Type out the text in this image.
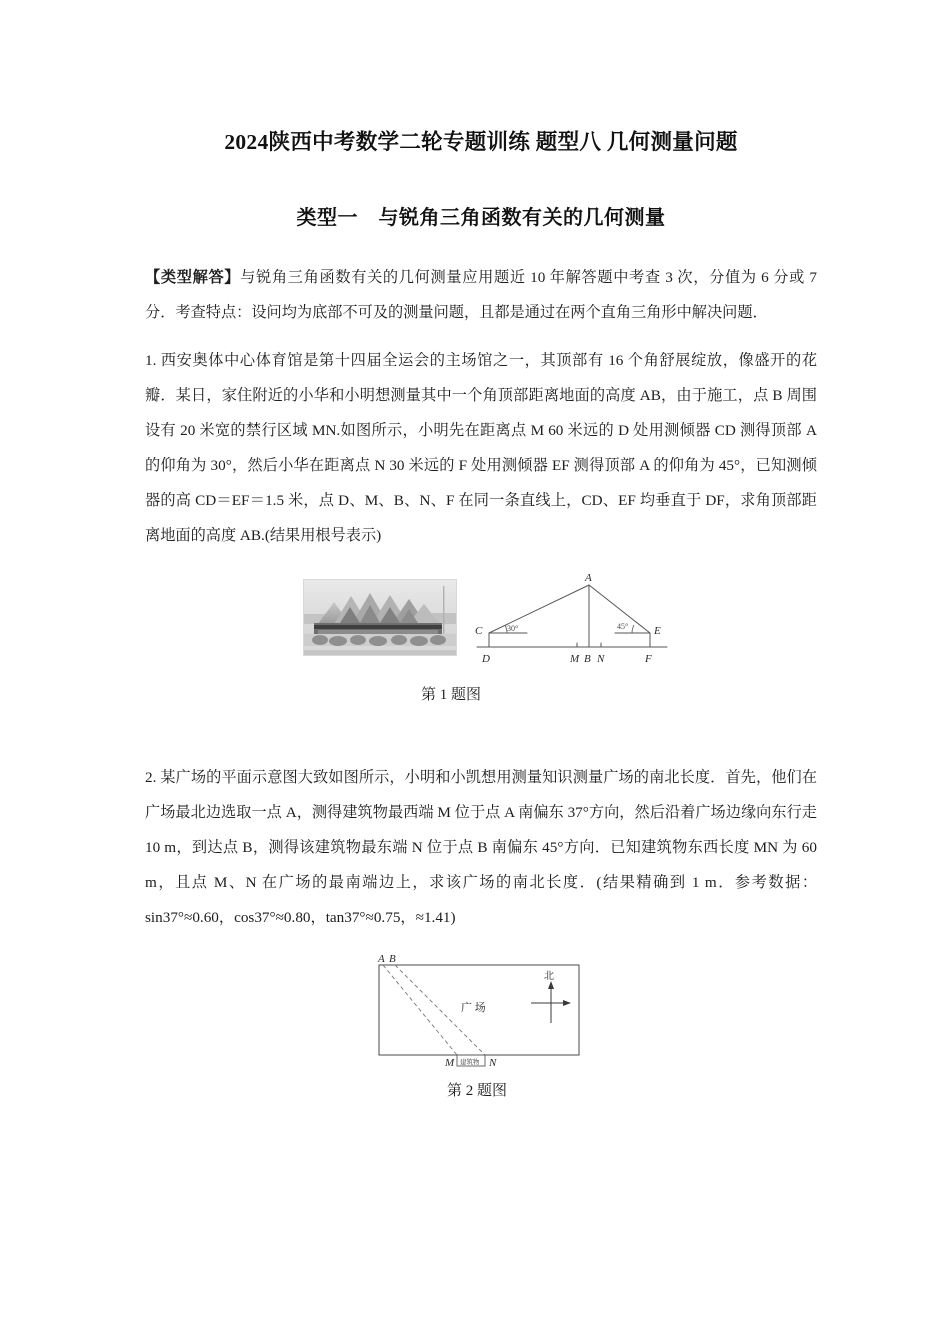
2024陕西中考数学二轮专题训练 题型八 几何测量问题
类型一　与锐角三角函数有关的几何测量

【类型解答】与锐角三角函数有关的几何测量应用题近 10 年解答题中考查 3 次，分值为 6 分或 7 分．考查特点：设问均为底部不可及的测量问题，且都是通过在两个直角三角形中解决问题．

1. 西安奥体中心体育馆是第十四届全运会的主场馆之一，其顶部有 16 个角舒展绽放，像盛开的花瓣．某日，家住附近的小华和小明想测量其中一个角顶部距离地面的高度 AB，由于施工，点 B 周围设有 20 米宽的禁行区域 MN.如图所示，小明先在距离点 M 60 米远的 D 处用测倾器 CD 测得顶部 A 的仰角为 30°，然后小华在距离点 N 30 米远的 F 处用测倾器 EF 测得顶部 A 的仰角为 45°，已知测倾器的高 CD＝EF＝1.5 米，点 D、M、B、N、F 在同一条直线上，CD、EF 均垂直于 DF，求角顶部距离地面的高度 AB.(结果用根号表示)

A
C
D
E
F
M B N
30°	45°

第 1 题图

2. 某广场的平面示意图大致如图所示，小明和小凯想用测量知识测量广场的南北长度．首先，他们在广场最北边选取一点 A，测得建筑物最西端 M 位于点 A 南偏东 37°方向，然后沿着广场边缘向东行走 10 m，到达点 B，测得该建筑物最东端 N 位于点 B 南偏东 45°方向．已知建筑物东西长度 MN 为 60 m，且点 M、N 在广场的最南端边上，求该广场的南北长度．(结果精确到 1 m．参考数据：sin37°≈0.60，cos37°≈0.80，tan37°≈0.75，≈1.41)

A B
M	N
广 场
建筑物
北

第 2 题图
